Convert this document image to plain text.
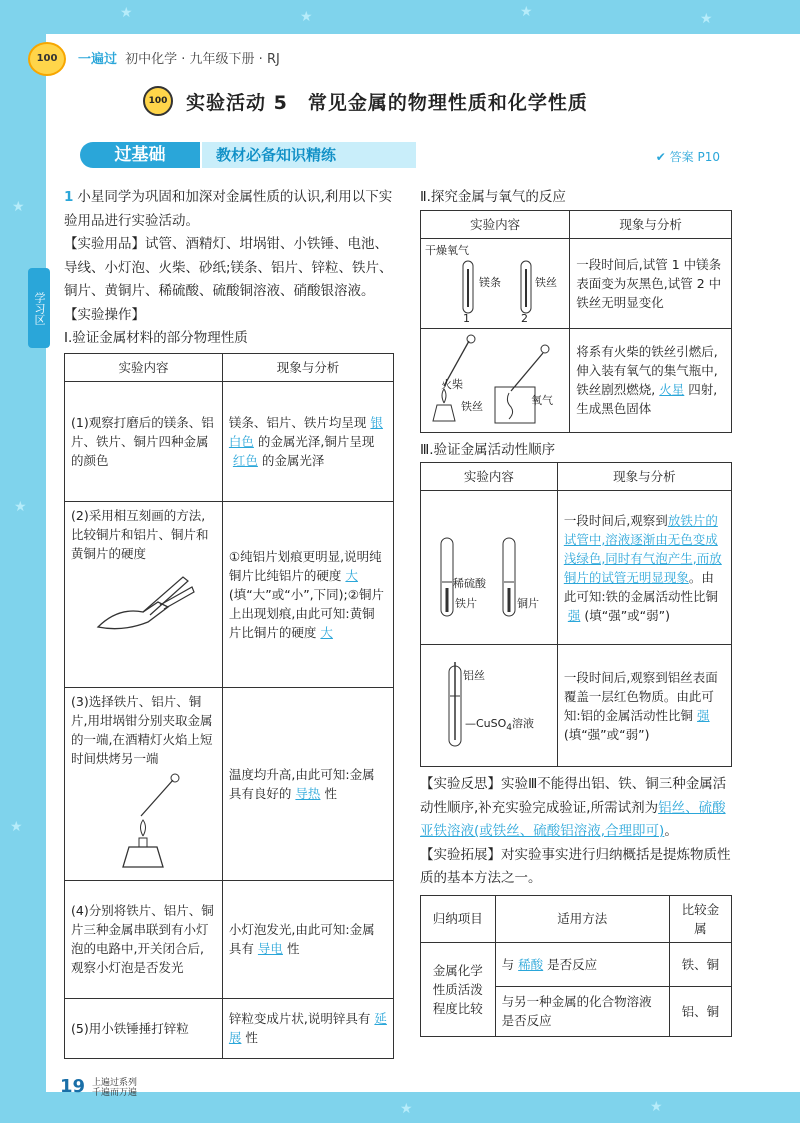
★	★	★	★
★
★
★
★	★
100	一遍过 初中化学 · 九年级下册 · RJ
学习区
100 实验活动 5　常见金属的物理性质和化学性质
过基础	教材必备知识精练	✔ 答案 P10
1 小星同学为巩固和加深对金属性质的认识,利用以下实验用品进行实验活动。
【实验用品】试管、酒精灯、坩埚钳、小铁锤、电池、导线、小灯泡、火柴、砂纸;镁条、铝片、锌粒、铁片、铜片、黄铜片、稀硫酸、硫酸铜溶液、硝酸银溶液。
【实验操作】
Ⅰ.验证金属材料的部分物理性质
实验内容	现象与分析
(1)观察打磨后的镁条、铝片、铁片、铜片四种金属的颜色	镁条、铝片、铁片均呈现 银白色 的金属光泽,铜片呈现红色 的金属光泽

(2)采用相互刻画的方法,比较铜片和铝片、铜片和黄铜片的硬度	①纯铝片划痕更明显,说明纯铜片比纯铝片的硬度 大(填“大”或“小”,下同);②铜片上出现划痕,由此可知:黄铜片比铜片的硬度 大

(3)选择铁片、铝片、铜片,用坩埚钳分别夹取金属的一端,在酒精灯火焰上短时间烘烤另一端	温度均升高,由此可知:金属具有良好的 导热 性
(4)分别将铁片、铝片、铜片三种金属串联到有小灯泡的电路中,开关闭合后,观察小灯泡是否发光	小灯泡发光,由此可知:金属具有 导电 性
(5)用小铁锤捶打锌粒	锌粒变成片状,说明锌具有 延展 性
Ⅱ.探究金属与氧气的反应
实验内容	现象与分析

干燥氧气
镁条 铁丝
1 2	一段时间后,试管 1 中镁条表面变为灰黑色,试管 2 中铁丝无明显变化

火柴
铁丝 氧气	将系有火柴的铁丝引燃后,伸入装有氧气的集气瓶中,铁丝剧烈燃烧, 火星 四射,生成黑色固体
Ⅲ.验证金属活动性顺序
实验内容	现象与分析

稀硫酸
铁片 铜片	一段时间后,观察到放铁片的试管中,溶液逐渐由无色变成浅绿色,同时有气泡产生,而放铜片的试管无明显现象。由此可知:铁的金属活动性比铜强 (填“强”或“弱”)

铝丝
—CuSO$_4$溶液	一段时间后,观察到铝丝表面覆盖一层红色物质。由此可知:铝的金属活动性比铜 强(填“强”或“弱”)
【实验反思】实验Ⅲ不能得出铝、铁、铜三种金属活动性顺序,补充实验完成验证,所需试剂为铝丝、硫酸亚铁溶液(或铁丝、硫酸铝溶液,合理即可)。
【实验拓展】对实验事实进行归纳概括是提炼物质性质的基本方法之一。
归纳项目	适用方法	比较金属
金属化学性质活泼程度比较	与 稀酸 是否反应	铁、铜
	与另一种金属的化合物溶液是否反应	铝、铜
19 上遍过系列
千遍而万遍
